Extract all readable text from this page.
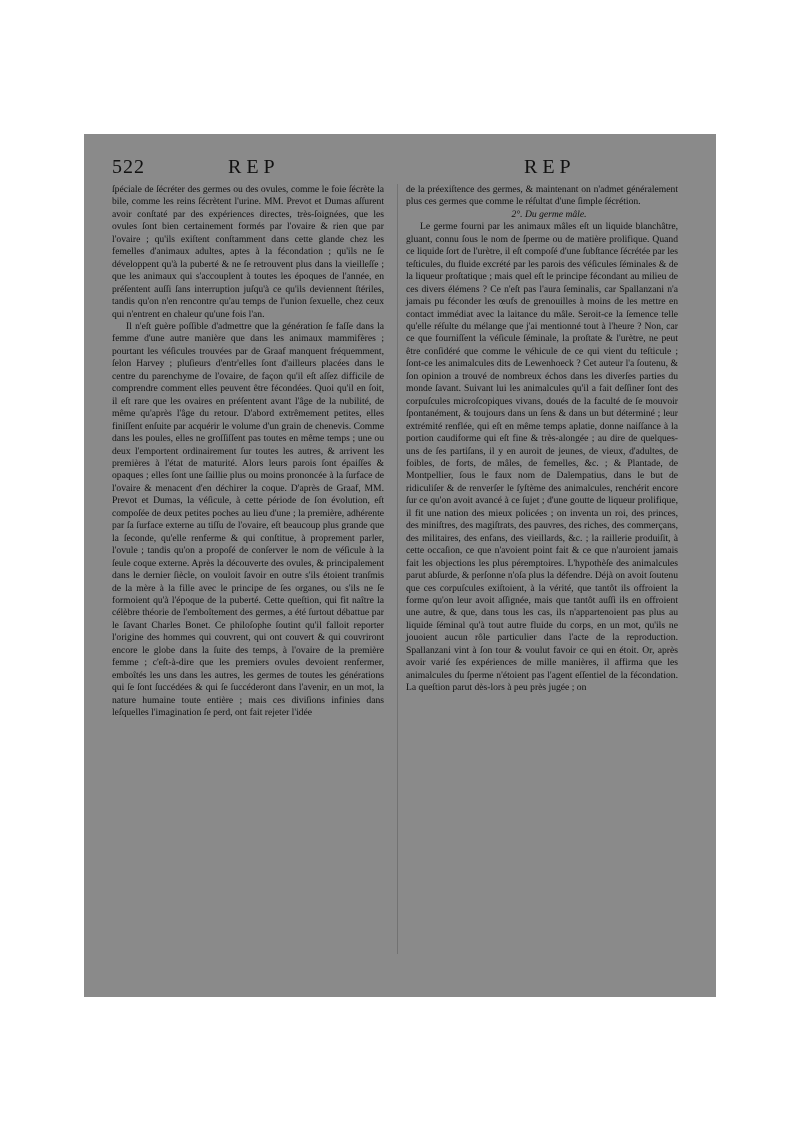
522	REP	REP

ſpéciale de ſécréter des germes ou des ovules, comme le foie ſécrète la bile, comme les reins ſécrètent l'urine. MM. Prevot et Dumas aſſurent avoir conſtaté par des expériences directes, très-ſoignées, que les ovules ſont bien certainement formés par l'ovaire & rien que par l'ovaire ; qu'ils exiſtent conſtamment dans cette glande chez les femelles d'animaux adultes, aptes à la fécondation ; qu'ils ne ſe développent qu'à la puberté & ne ſe retrouvent plus dans la vieilleſſe ; que les animaux qui s'accouplent à toutes les époques de l'année, en préſentent auſſi ſans interruption juſqu'à ce qu'ils deviennent ſtériles, tandis qu'on n'en rencontre qu'au temps de l'union ſexuelle, chez ceux qui n'entrent en chaleur qu'une fois l'an.

Il n'eſt guère poſſible d'admettre que la génération ſe faſſe dans la femme d'une autre manière que dans les animaux mammifères ; pourtant les véſicules trouvées par de Graaf manquent fréquemment, ſelon Harvey ; pluſieurs d'entr'elles ſont d'ailleurs placées dans le centre du parenchyme de l'ovaire, de façon qu'il eſt aſſez difficile de comprendre comment elles peuvent être fécondées. Quoi qu'il en ſoit, il eſt rare que les ovaires en préſentent avant l'âge de la nubilité, de même qu'après l'âge du retour. D'abord extrêmement petites, elles finiſſent enſuite par acquérir le volume d'un grain de chenevis. Comme dans les poules, elles ne groſſiſſent pas toutes en même temps ; une ou deux l'emportent ordinairement ſur toutes les autres, & arrivent les premières à l'état de maturité. Alors leurs parois ſont épaiſſes & opaques ; elles ſont une ſaillie plus ou moins prononcée à la ſurface de l'ovaire & menacent d'en déchirer la coque. D'après de Graaf, MM. Prevot et Dumas, la véſicule, à cette période de ſon évolution, eſt compoſée de deux petites poches au lieu d'une ; la première, adhérente par ſa ſurface externe au tiſſu de l'ovaire, eſt beaucoup plus grande que la ſeconde, qu'elle renferme & qui conſtitue, à proprement parler, l'ovule ; tandis qu'on a propoſé de conſerver le nom de véſicule à la ſeule coque externe. Après la découverte des ovules, & principalement dans le dernier ſiècle, on vouloit ſavoir en outre s'ils étoient tranſmis de la mère à la fille avec le principe de ſes organes, ou s'ils ne ſe formoient qu'à l'époque de la puberté. Cette queſtion, qui fit naître la célèbre théorie de l'emboîtement des germes, a été ſurtout débattue par le ſavant Charles Bonet. Ce philoſophe ſoutint qu'il falloit reporter l'origine des hommes qui couvrent, qui ont couvert & qui couvriront encore le globe dans la ſuite des temps, à l'ovaire de la première femme ; c'eſt-à-dire que les premiers ovules devoient renfermer, emboîtés les uns dans les autres, les germes de toutes les générations qui ſe ſont ſuccédées & qui ſe ſuccéderont dans l'avenir, en un mot, la nature humaine toute entière ; mais ces diviſions infinies dans leſquelles l'imagination ſe perd, ont fait rejeter l'idée

de la préexiſtence des germes, & maintenant on n'admet généralement plus ces germes que comme le réſultat d'une ſimple ſécrétion.

2°. Du germe mâle.

Le germe fourni par les animaux mâles eſt un liquide blanchâtre, gluant, connu ſous le nom de ſperme ou de matière prolifique. Quand ce liquide ſort de l'urètre, il eſt compoſé d'une ſubſtance ſécrétée par les teſticules, du fluide excrété par les parois des véſicules ſéminales & de la liqueur proſtatique ; mais quel eſt le principe fécondant au milieu de ces divers élémens ? Ce n'eſt pas l'aura ſeminalis, car Spallanzani n'a jamais pu féconder les œufs de grenouilles à moins de les mettre en contact immédiat avec la laitance du mâle. Seroit-ce la ſemence telle qu'elle réſulte du mélange que j'ai mentionné tout à l'heure ? Non, car ce que fourniſſent la véſicule ſéminale, la proſtate & l'urètre, ne peut être conſidéré que comme le véhicule de ce qui vient du teſticule ; ſont-ce les animalcules dits de Lewenhoeck ? Cet auteur l'a ſoutenu, & ſon opinion a trouvé de nombreux échos dans les diverſes parties du monde ſavant. Suivant lui les animalcules qu'il a fait deſſiner ſont des corpuſcules microſcopiques vivans, doués de la faculté de ſe mouvoir ſpontanément, & toujours dans un ſens & dans un but déterminé ; leur extrémité renflée, qui eſt en même temps aplatie, donne naiſſance à la portion caudiforme qui eſt fine & très-alongée ; au dire de quelques-uns de ſes partiſans, il y en auroit de jeunes, de vieux, d'adultes, de foibles, de forts, de mâles, de femelles, &c. ; & Plantade, de Montpellier, ſous le faux nom de Dalempatius, dans le but de ridiculiſer & de renverſer le ſyſtème des animalcules, renchérit encore ſur ce qu'on avoit avancé à ce ſujet ; d'une goutte de liqueur prolifique, il fit une nation des mieux policées ; on inventa un roi, des princes, des miniſtres, des magiſtrats, des pauvres, des riches, des commerçans, des militaires, des enfans, des vieillards, &c. ; la raillerie produiſit, à cette occaſion, ce que n'avoient point fait & ce que n'auroient jamais fait les objections les plus péremptoires. L'hypothèſe des animalcules parut abſurde, & perſonne n'oſa plus la défendre. Déjà on avoit ſoutenu que ces corpuſcules exiſtoient, à la vérité, que tantôt ils offroient la forme qu'on leur avoit aſſignée, mais que tantôt auſſi ils en offroient une autre, & que, dans tous les cas, ils n'appartenoient pas plus au liquide ſéminal qu'à tout autre fluide du corps, en un mot, qu'ils ne jouoient aucun rôle particulier dans l'acte de la reproduction. Spallanzani vint à ſon tour & voulut favoir ce qui en étoit. Or, après avoir varié ſes expériences de mille manières, il affirma que les animalcules du ſperme n'étoient pas l'agent eſſentiel de la fécondation. La queſtion parut dès-lors à peu près jugée ; on
